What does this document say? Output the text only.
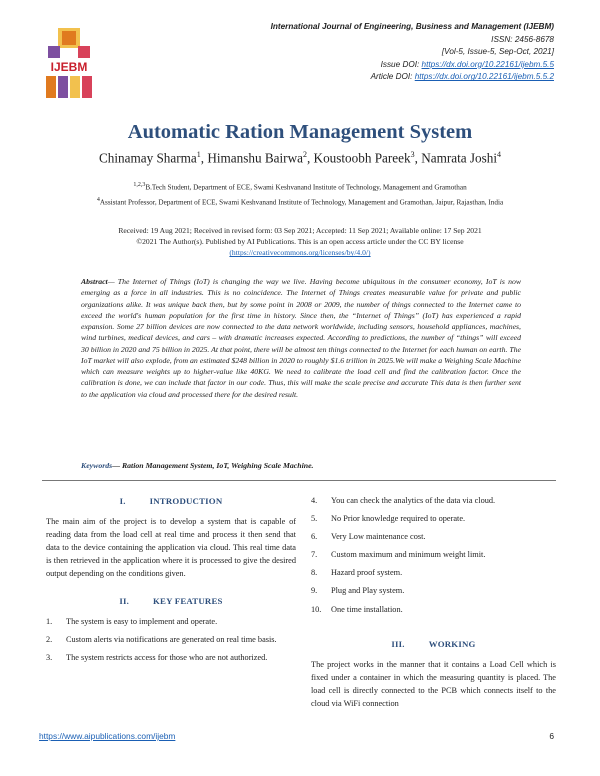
IJEBM
International Journal of Engineering, Business and Management (IJEBM)
ISSN: 2456-8678
[Vol-5, Issue-5, Sep-Oct, 2021]
Issue DOI: https://dx.doi.org/10.22161/ijebm.5.5
Article DOI: https://dx.doi.org/10.22161/ijebm.5.5.2
Automatic Ration Management System
Chinamay Sharma$^1$, Himanshu Bairwa$^2$, Koustoobh Pareek$^3$, Namrata Joshi$^4$
$^{1,2,3}$B.Tech Student, Department of ECE, Swami Keshvanand Institute of Technology, Management and Gramothan
$^4$Assistant Professor, Department of ECE, Swami Keshvanand Institute of Technology, Management and Gramothan, Jaipur, Rajasthan, India
Received: 19 Aug 2021; Received in revised form: 03 Sep 2021; Accepted: 11 Sep 2021; Available online: 17 Sep 2021
©2021 The Author(s). Published by AI Publications. This is an open access article under the CC BY license
(https://creativecommons.org/licenses/by/4.0/)
Abstract— The Internet of Things (IoT) is changing the way we live. Having become ubiquitous in the consumer economy, IoT is now emerging as a force in all industries. This is no coincidence. The Internet of Things creates measurable value for private and public organizations alike. It was unique back then, but by some point in 2008 or 2009, the number of things connected to the Internet came to exceed the world's human population for the first time in history. Since then, the “Internet of Things” (IoT) has experienced a rapid expansion. Some 27 billion devices are now connected to the data network worldwide, including sensors, household appliances, machines, wind turbines, medical devices, and cars – with dramatic increases expected. According to predictions, the number of “things” will exceed 30 billion in 2020 and 75 billion in 2025. At that point, there will be almost ten things connected to the Internet for each human on earth. The IoT market will also explode, from an estimated $248 billion in 2020 to roughly $1.6 trillion in 2025.We will make a Weighing Scale Machine which can measure weights up to higher-value like 40KG. We need to calibrate the load cell and find the calibration factor. Once the calibration is done, we can include that factor in our code. Thus, this will make the scale precise and accurate This data is then further sent to the application via cloud and processed there for the desired result.
Keywords— Ration Management System, IoT, Weighing Scale Machine.
I.	INTRODUCTION

The main aim of the project is to develop a system that is capable of reading data from the load cell at real time and process it then send that data to the device containing the application via cloud. This real time data is then retrieved in the application where it is processed to give the desired output depending on the conditions given.

II.	KEY FEATURES
1. The system is easy to implement and operate.
2. Custom alerts via notifications are generated on real time basis.
3. The system restricts access for those who are not authorized.
4. You can check the analytics of the data via cloud.
5. No Prior knowledge required to operate.
6. Very Low maintenance cost.
7. Custom maximum and minimum weight limit.
8. Hazard proof system.
9. Plug and Play system.
10. One time installation.
III.	WORKING

The project works in the manner that it contains a Load Cell which is fixed under a container in which the measuring quantity is placed. The load cell is directly connected to the PCB which connects itself to the cloud via WiFi connection

https://www.aipublications.com/ijebm	6
